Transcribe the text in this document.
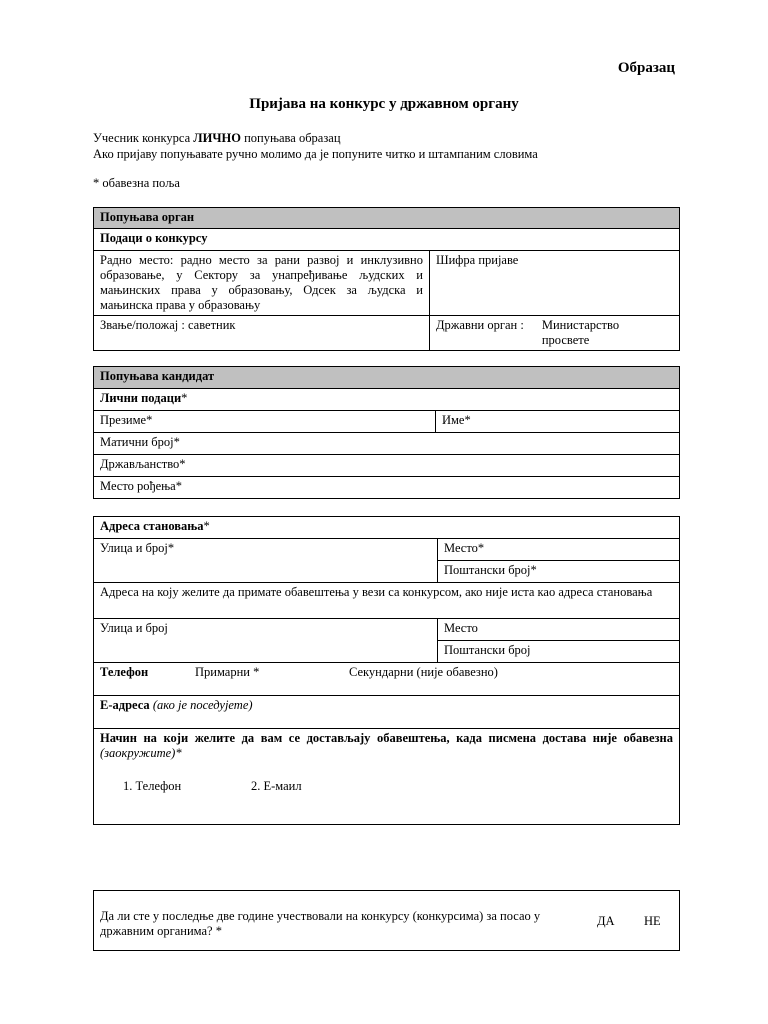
Образац
Пријава на конкурс у државном органу
Учесник конкурса ЛИЧНО попуњава образац
Ако пријаву попуњавате ручно молимо да је попуните читко и штампаним словима
* обавезна поља
Попуњава орган	
Подаци о конкурсу	
Радно место: радно место за рани развој и инклузивно образовање, у Сектору за унапређивање људских и мањинских права у образовању, Одсек за људска и мањинска права у образовању	Шифра пријаве
Звање/положај : саветник	Државни орган : Министарство просвете
Попуњава кандидат
Лични подаци*
Презиме*	Име*
Матични број*
Држављанство*
Место рођења*
Адреса становања*	
Улица и број*	Место*
	Поштански број*
Адреса на коју желите да примате обавештења у вези са конкурсом, ако није иста као адреса становања	
Улица и број	Место
	Поштански број

Телефон Примарни * Секундарни (није обавезно)	

Е-адреса (ако је поседујете)	
Начин на који желите да вам се достављају обавештења, када писмена достава није обавезна (заокружите)*
1. Телефон 2. Е-маил	
Да ли сте у последње две године учествовали на конкурсу (конкурсима) за посао у државним органима? *
ДА НЕ
